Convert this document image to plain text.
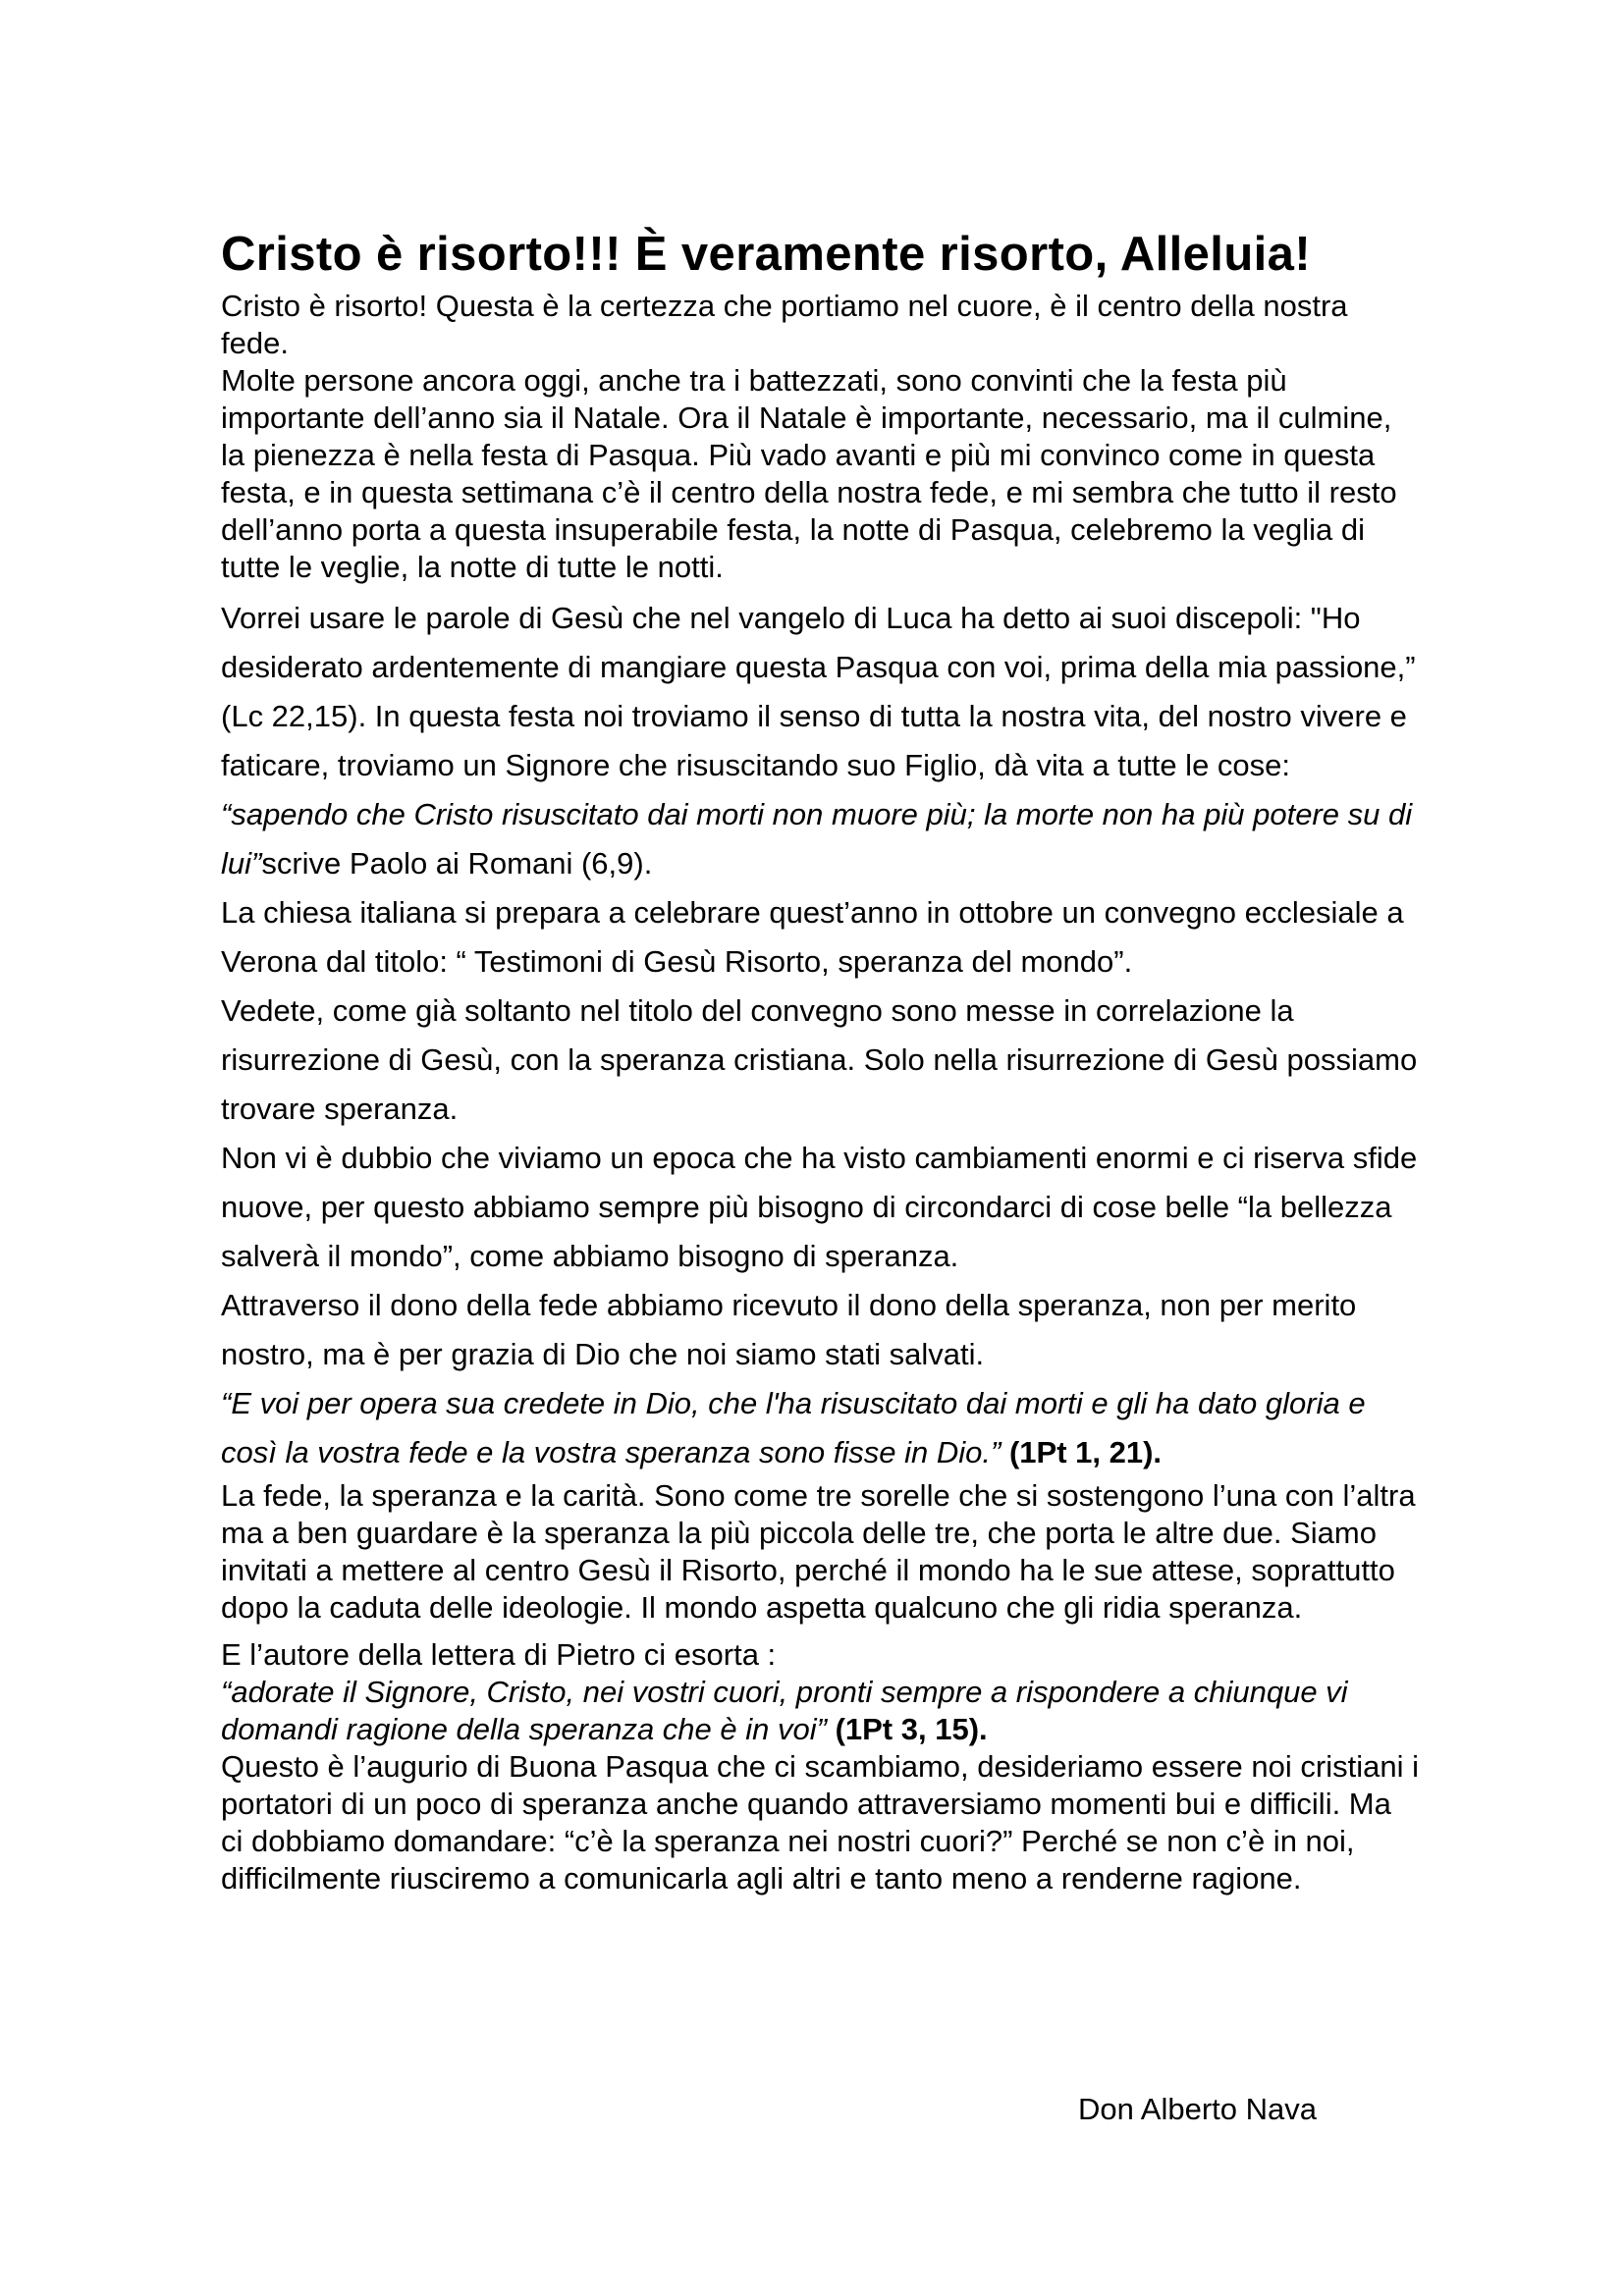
Cristo è risorto!!! È veramente risorto, Alleluia!

Cristo è risorto! Questa è la certezza che portiamo nel cuore, è il centro della nostra fede.

Molte persone ancora oggi, anche tra i battezzati, sono convinti che la festa più importante dell’anno sia il Natale. Ora il Natale è importante, necessario, ma il culmine, la pienezza è nella festa di Pasqua. Più vado avanti e più mi convinco come in questa festa, e in questa settimana c’è il centro della nostra fede, e mi sembra che tutto il resto dell’anno porta a questa insuperabile festa, la notte di Pasqua, celebremo la veglia di tutte le veglie, la notte di tutte le notti.

Vorrei usare le parole di Gesù che nel vangelo di Luca ha detto ai suoi discepoli: "Ho desiderato ardentemente di mangiare questa Pasqua con voi, prima della mia passione,” (Lc 22,15). In questa festa noi troviamo il senso di tutta la nostra vita, del nostro vivere e faticare, troviamo un Signore che risuscitando suo Figlio, dà vita a tutte le cose: “sapendo che Cristo risuscitato dai morti non muore più; la morte non ha più potere su di lui”scrive Paolo ai Romani (6,9).

La chiesa italiana si prepara a celebrare quest’anno in ottobre un convegno ecclesiale a Verona dal titolo: “ Testimoni di Gesù Risorto, speranza del mondo”.

Vedete, come già soltanto nel titolo del convegno sono messe in correlazione la risurrezione di Gesù, con la speranza cristiana. Solo nella risurrezione di Gesù possiamo trovare speranza.

Non vi è dubbio che viviamo un epoca che ha visto cambiamenti enormi e ci riserva sfide nuove, per questo abbiamo sempre più bisogno di circondarci di cose belle “la bellezza salverà il mondo”, come abbiamo bisogno di speranza.

Attraverso il dono della fede abbiamo ricevuto il dono della speranza, non per merito nostro, ma è per grazia di Dio che noi siamo stati salvati.

“E voi per opera sua credete in Dio, che l'ha risuscitato dai morti e gli ha dato gloria e così la vostra fede e la vostra speranza sono fisse in Dio.” (1Pt 1, 21).

La fede, la speranza e la carità. Sono come tre sorelle che si sostengono l’una con l’altra ma a ben guardare è la speranza la più piccola delle tre, che porta le altre due. Siamo invitati a mettere al centro Gesù il Risorto, perché il mondo ha le sue attese, soprattutto dopo la caduta delle ideologie. Il mondo aspetta qualcuno che gli ridia speranza.

E l’autore della lettera di Pietro ci esorta :
“adorate il Signore, Cristo, nei vostri cuori, pronti sempre a rispondere a chiunque vi domandi ragione della speranza che è in voi” (1Pt 3, 15).

Questo è l’augurio di Buona Pasqua che ci scambiamo, desideriamo essere noi cristiani i portatori di un poco di speranza anche quando attraversiamo momenti bui e difficili. Ma ci dobbiamo domandare: “c’è la speranza nei nostri cuori?” Perché se non c’è in noi, difficilmente riusciremo a comunicarla agli altri e tanto meno a renderne ragione.

Don Alberto Nava
